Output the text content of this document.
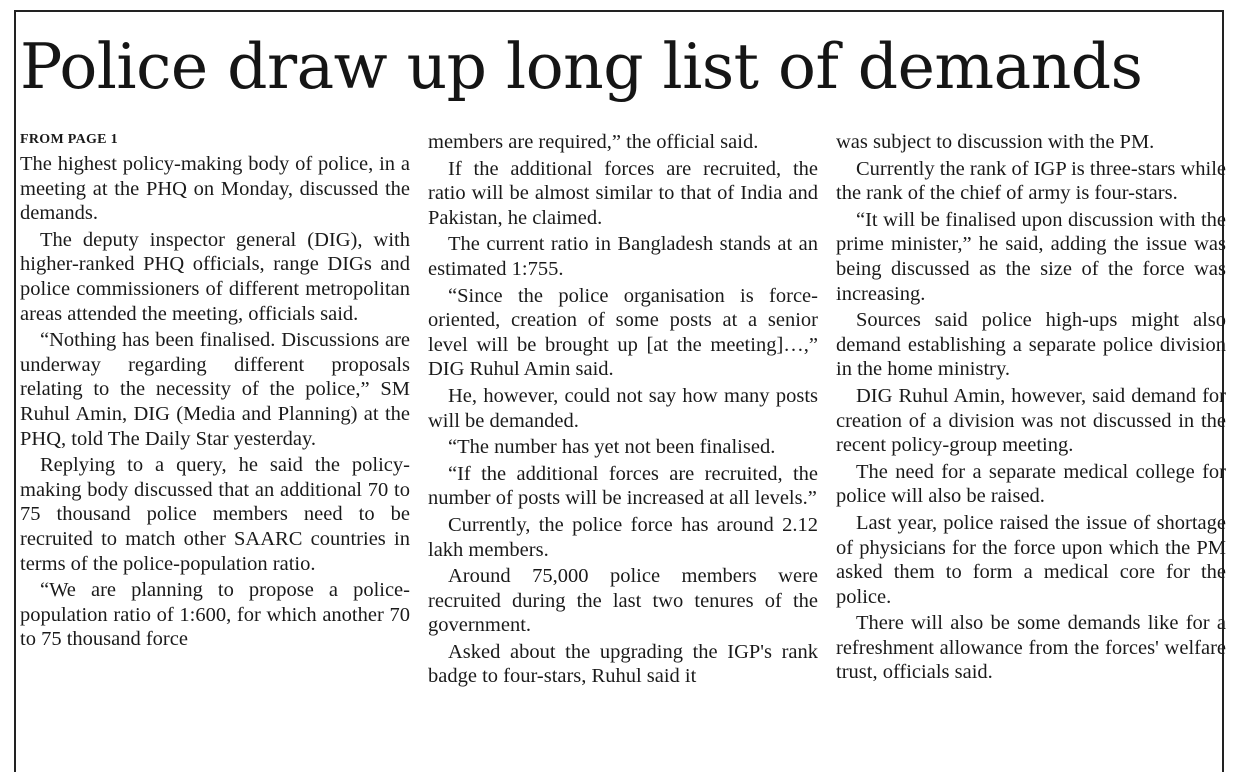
Police draw up long list of demands
FROM PAGE 1

The highest policy-making body of police, in a meeting at the PHQ on Monday, discussed the demands.

The deputy inspector general (DIG), with higher-ranked PHQ officials, range DIGs and police commissioners of different metropolitan areas attended the meeting, officials said.

“Nothing has been finalised. Discussions are underway regarding different proposals relating to the necessity of the police,” SM Ruhul Amin, DIG (Media and Planning) at the PHQ, told The Daily Star yesterday.

Replying to a query, he said the policy-making body discussed that an additional 70 to 75 thousand police members need to be recruited to match other SAARC countries in terms of the police-population ratio.

“We are planning to propose a police-population ratio of 1:600, for which another 70 to 75 thousand force

members are required,” the official said.

If the additional forces are recruited, the ratio will be almost similar to that of India and Pakistan, he claimed.

The current ratio in Bangladesh stands at an estimated 1:755.

“Since the police organisation is force-oriented, creation of some posts at a senior level will be brought up [at the meeting]…,” DIG Ruhul Amin said.

He, however, could not say how many posts will be demanded.

“The number has yet not been finalised.

“If the additional forces are recruited, the number of posts will be increased at all levels.”

Currently, the police force has around 2.12 lakh members.

Around 75,000 police members were recruited during the last two tenures of the government.

Asked about the upgrading the IGP's rank badge to four-stars, Ruhul said it

was subject to discussion with the PM.

Currently the rank of IGP is three-stars while the rank of the chief of army is four-stars.

“It will be finalised upon discussion with the prime minister,” he said, adding the issue was being discussed as the size of the force was increasing.

Sources said police high-ups might also demand establishing a separate police division in the home ministry.

DIG Ruhul Amin, however, said demand for creation of a division was not discussed in the recent policy-group meeting.

The need for a separate medical college for police will also be raised.

Last year, police raised the issue of shortage of physicians for the force upon which the PM asked them to form a medical core for the police.

There will also be some demands like for a refreshment allowance from the forces' welfare trust, officials said.
